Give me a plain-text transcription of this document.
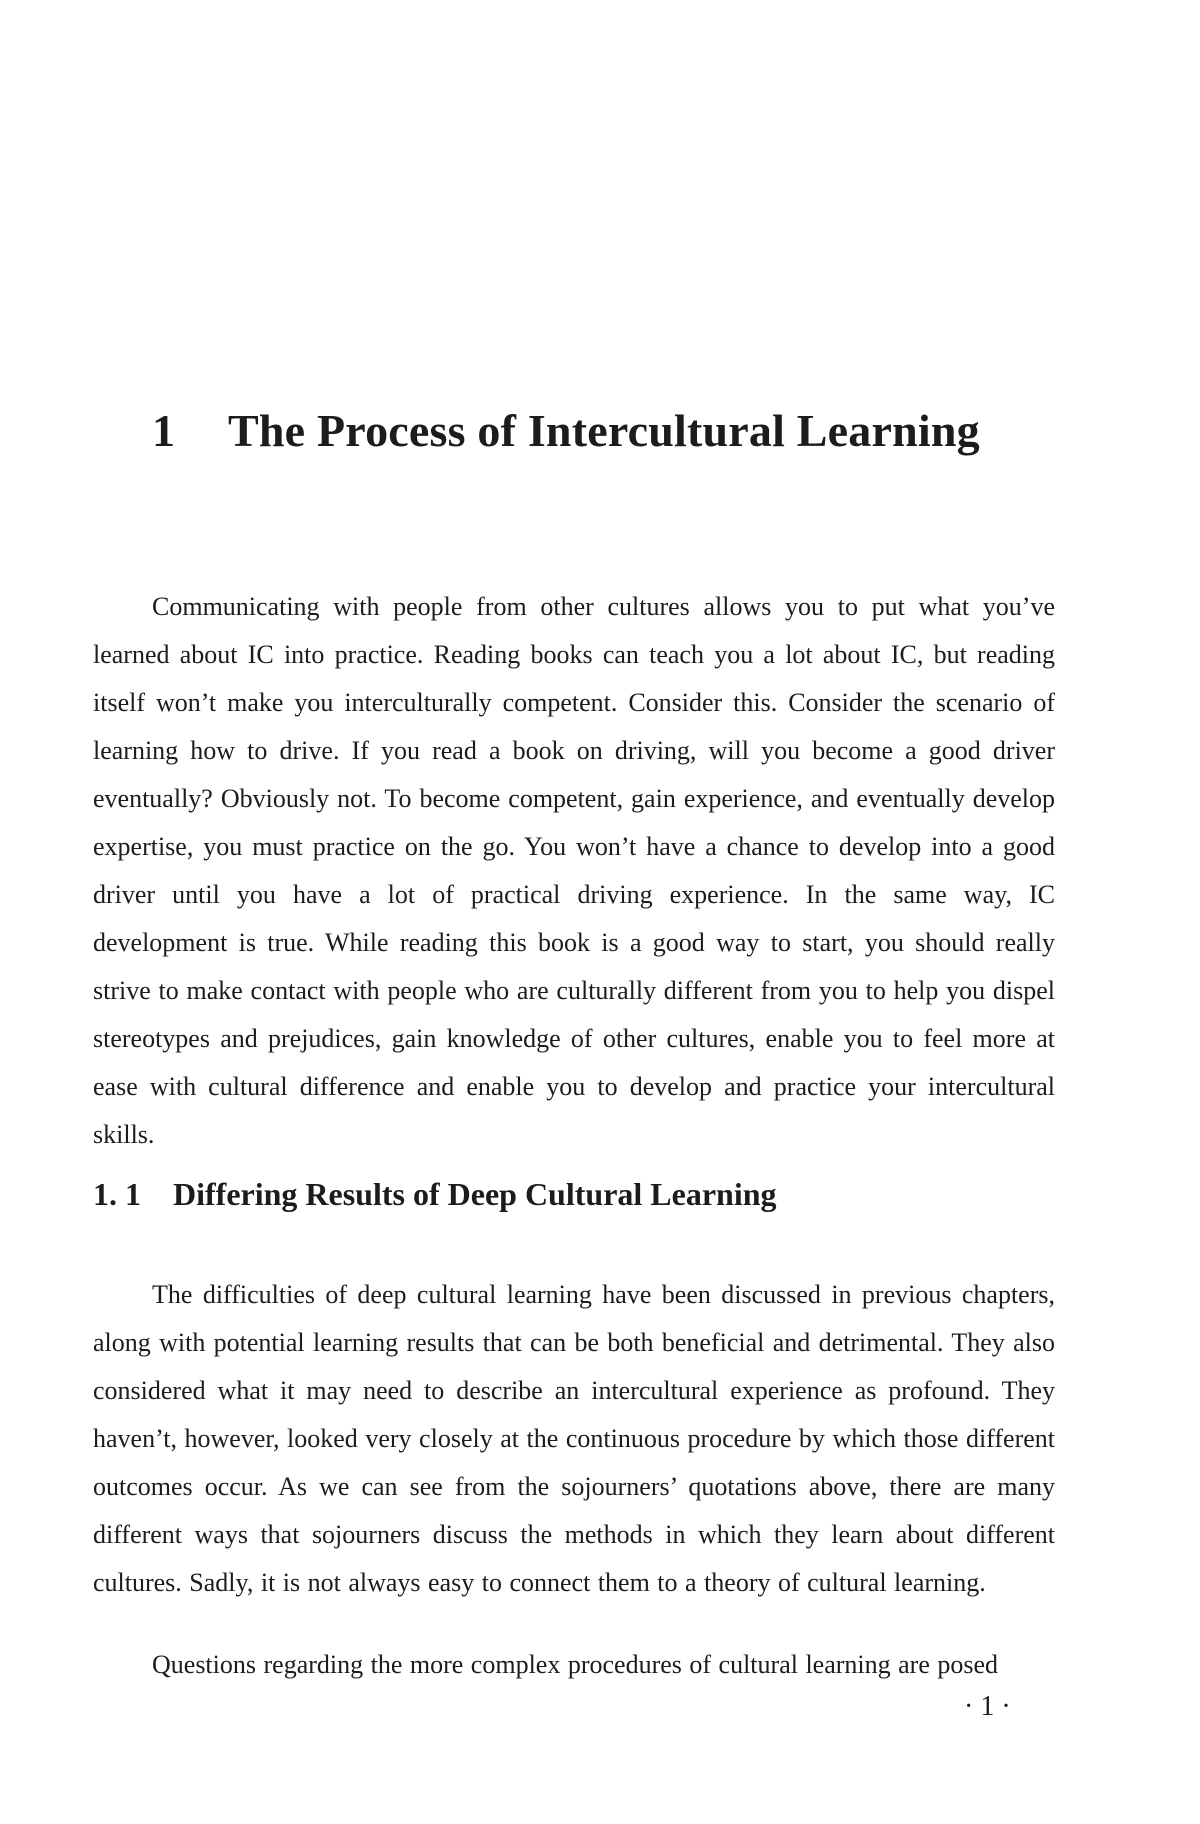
1 The Process of Intercultural Learning

Communicating with people from other cultures allows you to put what you’ve learned about IC into practice. Reading books can teach you a lot about IC, but reading itself won’t make you interculturally competent. Consider this. Consider the scenario of learning how to drive. If you read a book on driving, will you become a good driver eventually? Obviously not. To become competent, gain experience, and eventually develop expertise, you must practice on the go. You won’t have a chance to develop into a good driver until you have a lot of practical driving experience. In the same way, IC development is true. While reading this book is a good way to start, you should really strive to make contact with people who are culturally different from you to help you dispel stereotypes and prejudices, gain knowledge of other cultures, enable you to feel more at ease with cultural difference and enable you to develop and practice your intercultural skills.

1. 1 Differing Results of Deep Cultural Learning

The difficulties of deep cultural learning have been discussed in previous chapters, along with potential learning results that can be both beneficial and detrimental. They also considered what it may need to describe an intercultural experience as profound. They haven’t, however, looked very closely at the continuous procedure by which those different outcomes occur. As we can see from the sojourners’ quotations above, there are many different ways that sojourners discuss the methods in which they learn about different cultures. Sadly, it is not always easy to connect them to a theory of cultural learning.

Questions regarding the more complex procedures of cultural learning are posed

· 1 ·
